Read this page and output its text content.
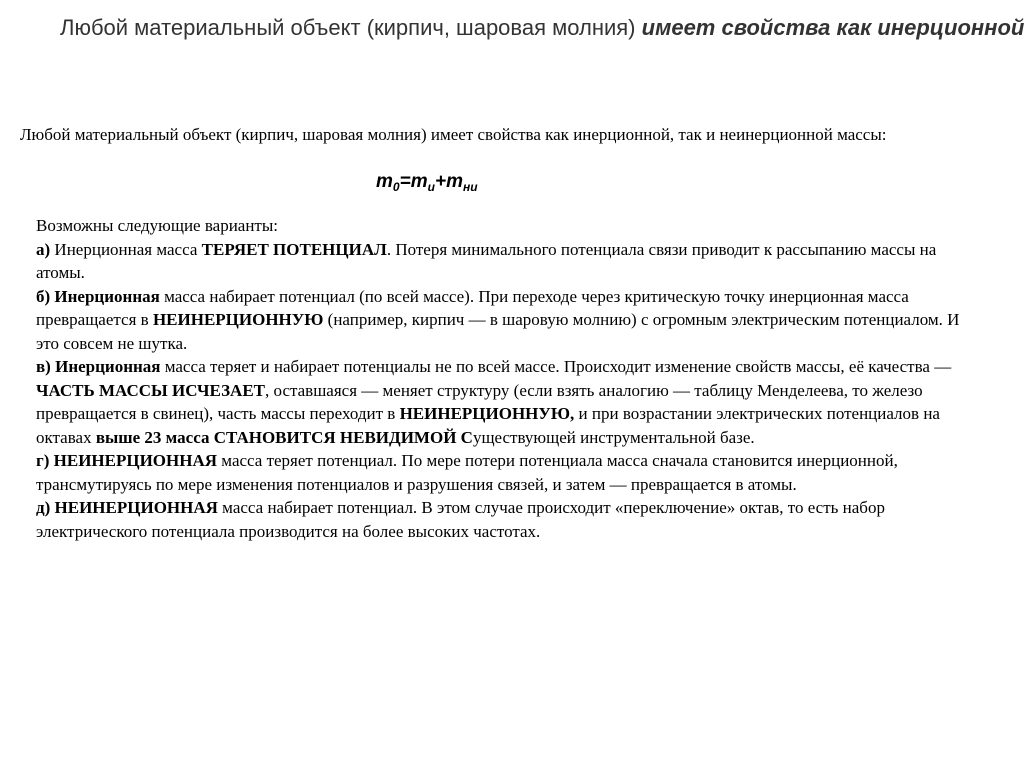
Любой материальный объект (кирпич, шаровая молния) имеет свойства как инерционной

Любой материальный объект (кирпич, шаровая молния) имеет свойства как инерционной, так и неинерционной массы:

$m_0=m_и+m_{ни}$

Возможны следующие варианты:

а) Инерционная масса ТЕРЯЕТ ПОТЕНЦИАЛ. Потеря минимального потенциала связи приводит к рассыпанию массы на атомы.

б) Инерционная масса набирает потенциал (по всей массе). При переходе через критическую точку инерционная масса превращается в НЕИНЕРЦИОННУЮ (например, кирпич — в шаровую молнию) с огромным электрическим потенциалом. И это совсем не шутка.

в) Инерционная масса теряет и набирает потенциалы не по всей массе. Происходит изменение свойств массы, её качества — ЧАСТЬ МАССЫ ИСЧЕЗАЕТ, оставшаяся — меняет структуру (если взять аналогию — таблицу Менделеева, то железо превращается в свинец), часть массы переходит в НЕИНЕРЦИОННУЮ, и при возрастании электрических потенциалов на октавах выше 23 масса СТАНОВИТСЯ НЕВИДИМОЙ Существующей инструментальной базе.

г) НЕИНЕРЦИОННАЯ масса теряет потенциал. По мере потери потенциала масса сначала становится инерционной, трансмутируясь по мере изменения потенциалов и разрушения связей, и затем — превращается в атомы.

д) НЕИНЕРЦИОННАЯ масса набирает потенциал. В этом случае происходит «переключение» октав, то есть набор электрического потенциала производится на более высоких частотах.
